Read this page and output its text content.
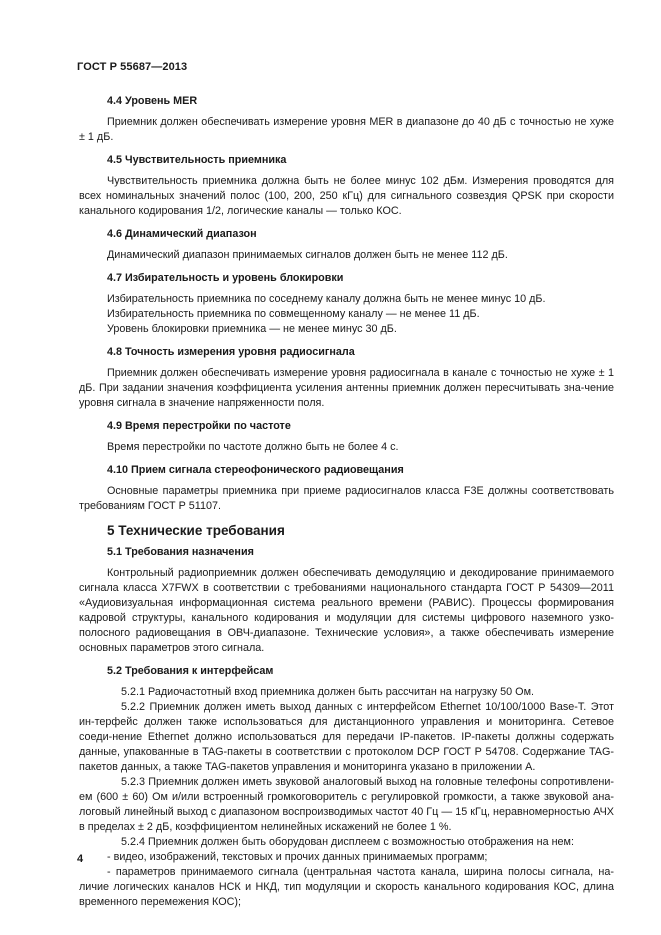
ГОСТ Р 55687—2013
4.4 Уровень MER
Приемник должен обеспечивать измерение уровня MER в диапазоне до 40 дБ с точностью не хуже ± 1 дБ.
4.5 Чувствительность приемника
Чувствительность приемника должна быть не более минус 102 дБм. Измерения проводятся для всех номинальных значений полос (100, 200, 250 кГц) для сигнального созвездия QPSK при скорости канального кодирования 1/2, логические каналы — только КОС.
4.6 Динамический диапазон
Динамический диапазон принимаемых сигналов должен быть не менее 112 дБ.
4.7 Избирательность и уровень блокировки
Избирательность приемника по соседнему каналу должна быть не менее минус 10 дБ.
Избирательность приемника по совмещенному каналу — не менее 11 дБ.
Уровень блокировки приемника — не менее минус 30 дБ.
4.8 Точность измерения уровня радиосигнала
Приемник должен обеспечивать измерение уровня радиосигнала в канале с точностью не хуже ± 1 дБ. При задании значения коэффициента усиления антенны приемник должен пересчитывать зна-чение уровня сигнала в значение напряженности поля.
4.9 Время перестройки по частоте
Время перестройки по частоте должно быть не более 4 с.
4.10 Прием сигнала стереофонического радиовещания
Основные параметры приемника при приеме радиосигналов класса F3E должны соответствовать требованиям ГОСТ Р 51107.
5 Технические требования
5.1 Требования назначения
Контрольный радиоприемник должен обеспечивать демодуляцию и декодирование принимаемого сигнала класса X7FWX в соответствии с требованиями национального стандарта ГОСТ Р 54309—2011 «Аудиовизуальная информационная система реального времени (РАВИС). Процессы формирования кадровой структуры, канального кодирования и модуляции для системы цифрового наземного узко-полосного радиовещания в ОВЧ-диапазоне. Технические условия», а также обеспечивать измерение основных параметров этого сигнала.
5.2 Требования к интерфейсам
5.2.1 Радиочастотный вход приемника должен быть рассчитан на нагрузку 50 Ом.
5.2.2 Приемник должен иметь выход данных с интерфейсом Ethernet 10/100/1000 Base-T. Этот ин-терфейс должен также использоваться для дистанционного управления и мониторинга. Сетевое соеди-нение Ethernet должно использоваться для передачи IP-пакетов. IP-пакеты должны содержать данные, упакованные в TAG-пакеты в соответствии с протоколом DCP ГОСТ Р 54708. Содержание TAG-пакетов данных, а также TAG-пакетов управления и мониторинга указано в приложении А.
5.2.3 Приемник должен иметь звуковой аналоговый выход на головные телефоны сопротивлени-ем (600 ± 60) Ом и/или встроенный громкоговоритель с регулировкой громкости, а также звуковой ана-логовый линейный выход с диапазоном воспроизводимых частот 40 Гц — 15 кГц, неравномерностью АЧХ в пределах ± 2 дБ, коэффициентом нелинейных искажений не более 1 %.
5.2.4 Приемник должен быть оборудован дисплеем с возможностью отображения на нем:
- видео, изображений, текстовых и прочих данных принимаемых программ;
- параметров принимаемого сигнала (центральная частота канала, ширина полосы сигнала, на-личие логических каналов НСК и НКД, тип модуляции и скорость канального кодирования КОС, длина временного перемежения КОС);
4
